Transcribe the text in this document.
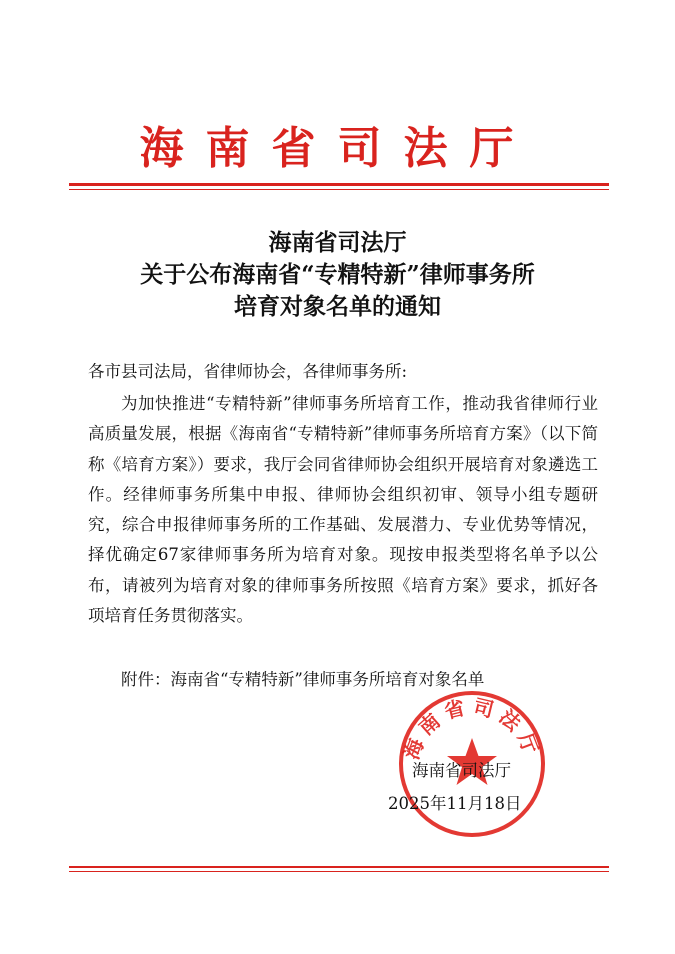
海南省司法厅
海南省司法厅
关于公布海南省“专精特新”律师事务所
培育对象名单的通知
各市县司法局，省律师协会，各律师事务所:
为加快推进“专精特新”律师事务所培育工作，推动我省律师行业高质量发展，根据《海南省“专精特新”律师事务所培育方案》（以下简称《培育方案》）要求，我厅会同省律师协会组织开展培育对象遴选工作。经律师事务所集中申报、律师协会组织初审、领导小组专题研究，综合申报律师事务所的工作基础、发展潜力、专业优势等情况，择优确定67家律师事务所为培育对象。现按申报类型将名单予以公布，请被列为培育对象的律师事务所按照《培育方案》要求，抓好各项培育任务贯彻落实。
附件：海南省“专精特新”律师事务所培育对象名单
海南省司法厅
海南省司法厅
2025年11月18日
